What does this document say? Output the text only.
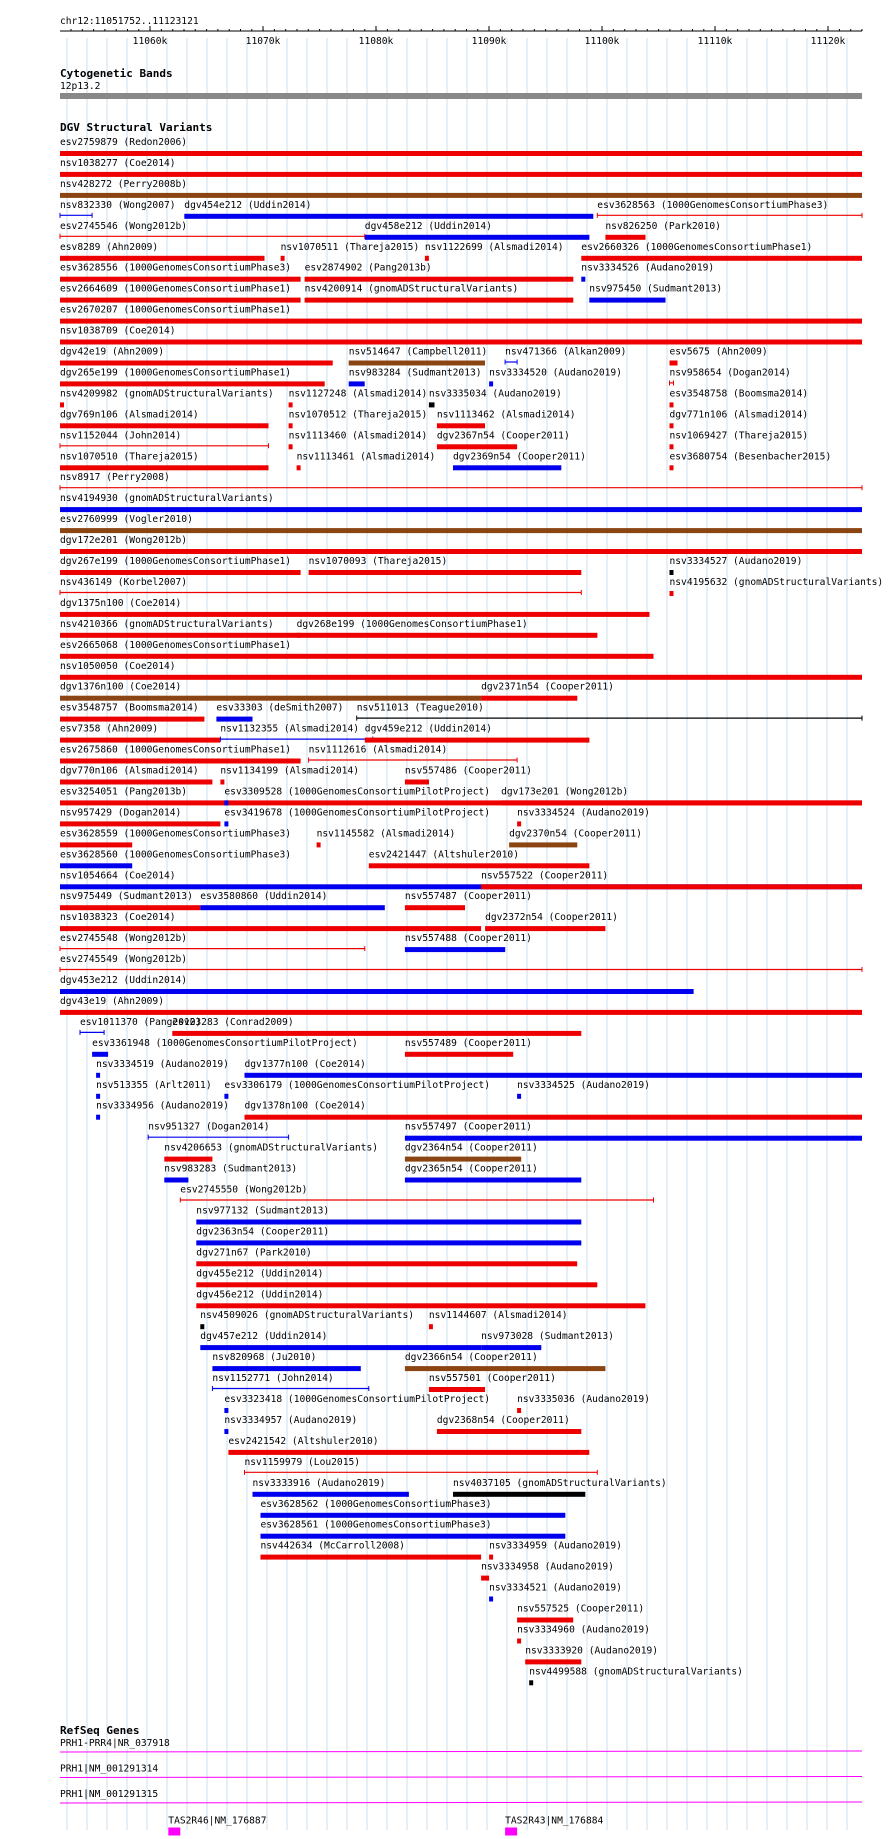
chr12:11051752..11123121
11060k	11070k	11080k	11090k	11100k	11110k	11120k
Cytogenetic Bands
12p13.2
DGV Structural Variants
esv2759879 (Redon2006)
nsv1038277 (Coe2014)
nsv428272 (Perry2008b)
nsv832330 (Wong2007) dgv454e212 (Uddin2014)	esv3628563 (1000GenomesConsortiumPhase3)
esv2745546 (Wong2012b)	dgv458e212 (Uddin2014)	nsv826250 (Park2010)
esv8289 (Ahn2009)	nsv1070511 (Thareja2015) nsv1122699 (Alsmadi2014) esv2660326 (1000GenomesConsortiumPhase1)
esv3628556 (1000GenomesConsortiumPhase3) esv2874902 (Pang2013b)	nsv3334526 (Audano2019)
esv2664609 (1000GenomesConsortiumPhase1) nsv4200914 (gnomADStructuralVariants)	nsv975450 (Sudmant2013)
esv2670207 (1000GenomesConsortiumPhase1)
nsv1038709 (Coe2014)
dgv42e19 (Ahn2009)	nsv514647 (Campbell2011) nsv471366 (Alkan2009)	esv5675 (Ahn2009)
dgv265e199 (1000GenomesConsortiumPhase1)	nsv983284 (Sudmant2013) nsv3334520 (Audano2019)	nsv958654 (Dogan2014)
nsv4209982 (gnomADStructuralVariants) nsv1127248 (Alsmadi2014) nsv3335034 (Audano2019)	esv3548758 (Boomsma2014)
dgv769n106 (Alsmadi2014)	nsv1070512 (Thareja2015) nsv1113462 (Alsmadi2014)	dgv771n106 (Alsmadi2014)
nsv1152044 (John2014)	nsv1113460 (Alsmadi2014) dgv2367n54 (Cooper2011)	nsv1069427 (Thareja2015)
nsv1070510 (Thareja2015)	nsv1113461 (Alsmadi2014) dgv2369n54 (Cooper2011)	esv3680754 (Besenbacher2015)
nsv8917 (Perry2008)
nsv4194930 (gnomADStructuralVariants)
esv2760999 (Vogler2010)
dgv172e201 (Wong2012b)
dgv267e199 (1000GenomesConsortiumPhase1) nsv1070093 (Thareja2015)	nsv3334527 (Audano2019)
nsv436149 (Korbel2007)	nsv4195632 (gnomADStructuralVariants)
dgv1375n100 (Coe2014)
nsv4210366 (gnomADStructuralVariants) dgv268e199 (1000GenomesConsortiumPhase1)
esv2665068 (1000GenomesConsortiumPhase1)
nsv1050050 (Coe2014)
dgv1376n100 (Coe2014)	dgv2371n54 (Cooper2011)
esv3548757 (Boomsma2014) esv33303 (deSmith2007) nsv511013 (Teague2010)
esv7358 (Ahn2009)	nsv1132355 (Alsmadi2014) dgv459e212 (Uddin2014)
esv2675860 (1000GenomesConsortiumPhase1) nsv1112616 (Alsmadi2014)
dgv770n106 (Alsmadi2014) nsv1134199 (Alsmadi2014)	nsv557486 (Cooper2011)
esv3254051 (Pang2013b)	esv3309528 (1000GenomesConsortiumPilotProject) dgv173e201 (Wong2012b)
nsv957429 (Dogan2014)	esv3419678 (1000GenomesConsortiumPilotProject)	nsv3334524 (Audano2019)
esv3628559 (1000GenomesConsortiumPhase3)	nsv1145582 (Alsmadi2014)	dgv2370n54 (Cooper2011)
esv3628560 (1000GenomesConsortiumPhase3)	esv2421447 (Altshuler2010)
nsv1054664 (Coe2014)	nsv557522 (Cooper2011)
nsv975449 (Sudmant2013) esv3580860 (Uddin2014)	nsv557487 (Cooper2011)
nsv1038323 (Coe2014)	dgv2372n54 (Cooper2011)
esv2745548 (Wong2012b)	nsv557488 (Cooper2011)
esv2745549 (Wong2012b)
dgv453e212 (Uddin2014)
dgv43e19 (Ahn2009)
esv1011370 (Pang2010)
esv23283 (Conrad2009)
esv3361948 (1000GenomesConsortiumPilotProject)	nsv557489 (Cooper2011)
nsv3334519 (Audano2019) dgv1377n100 (Coe2014)
nsv513355 (Arlt2011) esv3306179 (1000GenomesConsortiumPilotProject)	nsv3334525 (Audano2019)
nsv3334956 (Audano2019) dgv1378n100 (Coe2014)
nsv951327 (Dogan2014)	nsv557497 (Cooper2011)
nsv4206653 (gnomADStructuralVariants)	dgv2364n54 (Cooper2011)
nsv983283 (Sudmant2013)	dgv2365n54 (Cooper2011)
esv2745550 (Wong2012b)
nsv977132 (Sudmant2013)
dgv2363n54 (Cooper2011)
dgv271n67 (Park2010)
dgv455e212 (Uddin2014)
dgv456e212 (Uddin2014)
nsv4509026 (gnomADStructuralVariants) nsv1144607 (Alsmadi2014)
dgv457e212 (Uddin2014)	nsv973028 (Sudmant2013)
nsv820968 (Ju2010)	dgv2366n54 (Cooper2011)
nsv1152771 (John2014)	nsv557501 (Cooper2011)
esv3323418 (1000GenomesConsortiumPilotProject)	nsv3335036 (Audano2019)
nsv3334957 (Audano2019)	dgv2368n54 (Cooper2011)
esv2421542 (Altshuler2010)
nsv1159979 (Lou2015)
nsv3333916 (Audano2019)	nsv4037105 (gnomADStructuralVariants)
esv3628562 (1000GenomesConsortiumPhase3)
esv3628561 (1000GenomesConsortiumPhase3)
nsv442634 (McCarroll2008)	nsv3334959 (Audano2019)
nsv3334958 (Audano2019)
nsv3334521 (Audano2019)
nsv557525 (Cooper2011)
nsv3334960 (Audano2019)
nsv3333920 (Audano2019)
nsv4499588 (gnomADStructuralVariants)
RefSeq Genes
PRH1-PRR4|NR_037918
PRH1|NM_001291314
PRH1|NM_001291315
TAS2R46|NM_176887	TAS2R43|NM_176884
